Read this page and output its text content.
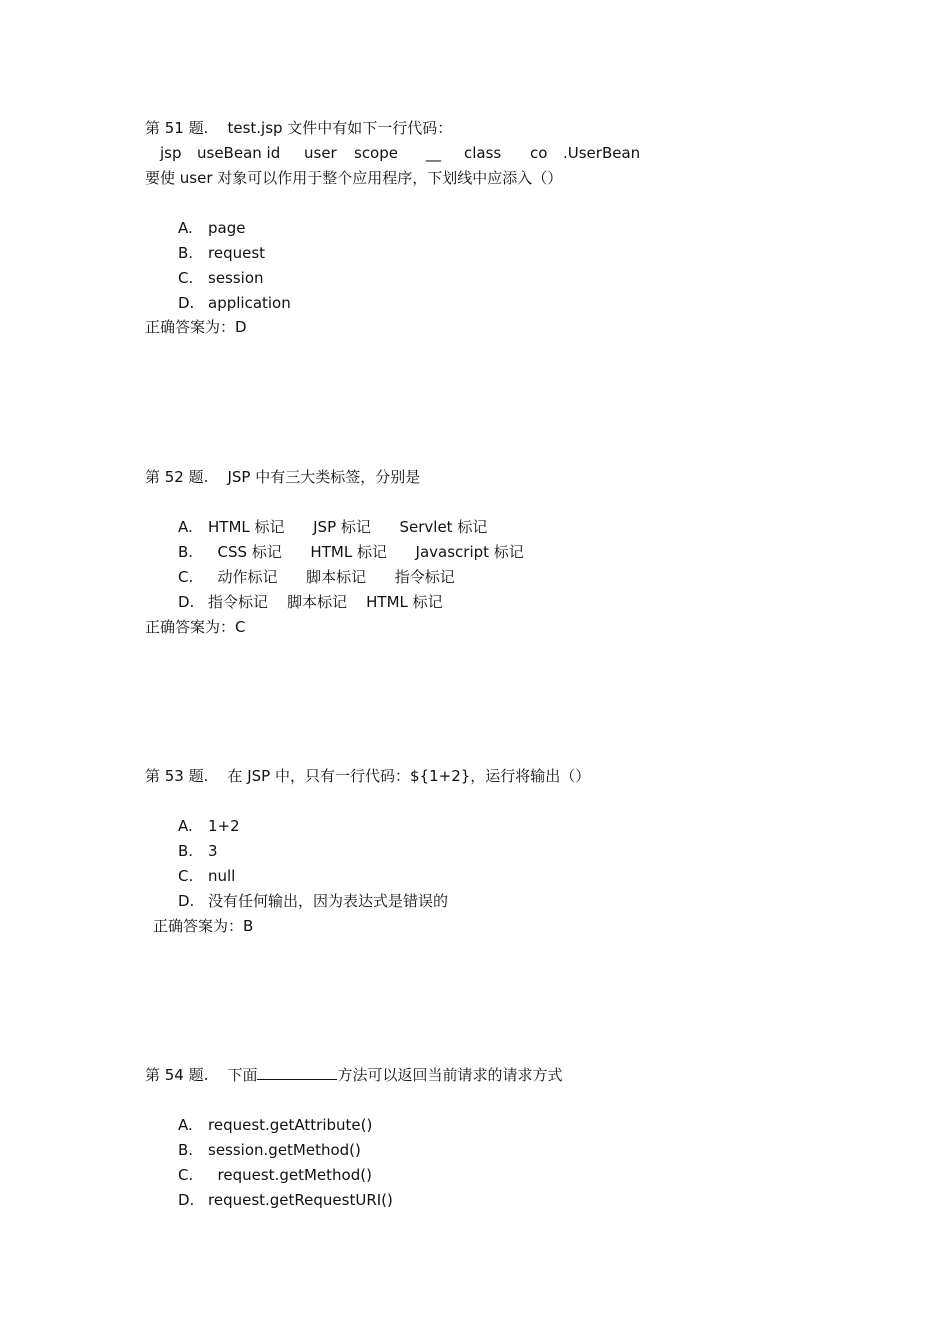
第 51 题.    test.jsp 文件中有如下一行代码：
jsp useBean id user scope __ class co .UserBean
要使 user 对象可以作用于整个应用程序，下划线中应添入（）
A. page
B. request
C. session
D. application
正确答案为：D
第 52 题.    JSP 中有三大类标签，分别是
A. HTML 标记      JSP 标记      Servlet 标记
B.  CSS 标记      HTML 标记      Javascript 标记
C.  动作标记      脚本标记      指令标记
D. 指令标记    脚本标记    HTML 标记
正确答案为：C
第 53 题.    在 JSP 中，只有一行代码：${1+2}，运行将输出（）
A. 1+2
B. 3
C. null
D. 没有任何输出，因为表达式是错误的
正确答案为：B
第 54 题.    下面	方法可以返回当前请求的请求方式
A. request.getAttribute()
B. session.getMethod()
C.  request.getMethod()
D. request.getRequestURI()
